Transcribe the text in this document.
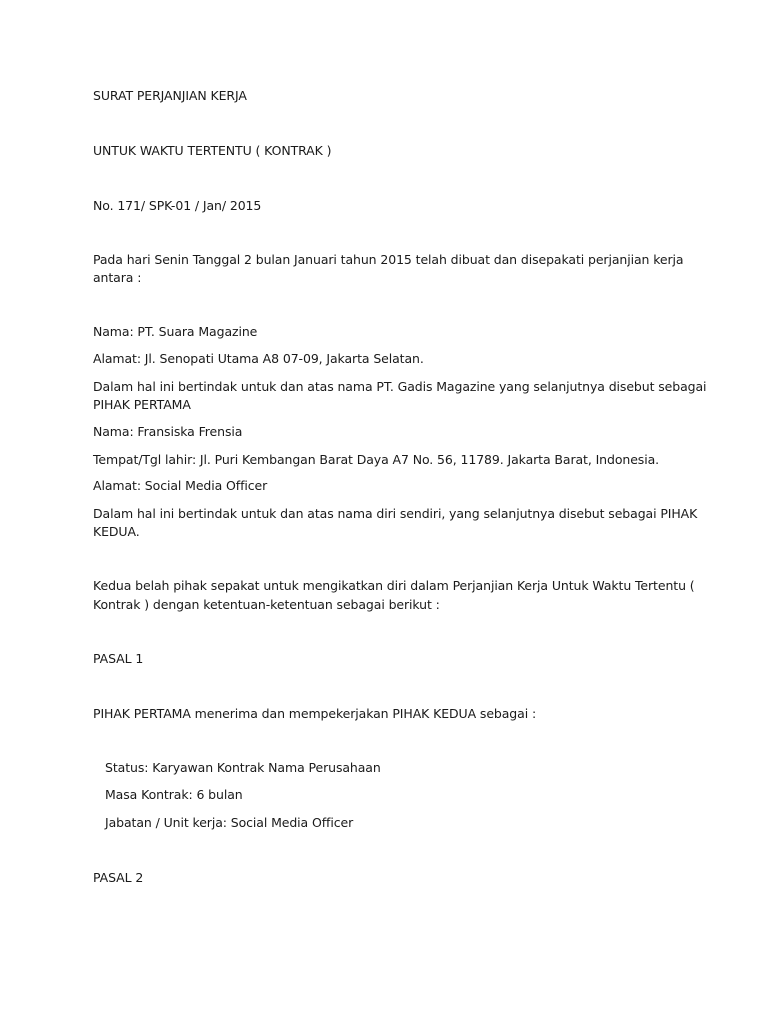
SURAT PERJANJIAN KERJA
UNTUK WAKTU TERTENTU ( KONTRAK )
No. 171/ SPK-01 / Jan/ 2015
Pada hari Senin Tanggal 2 bulan Januari tahun 2015 telah dibuat dan disepakati perjanjian kerja
antara :
Nama: PT. Suara Magazine
Alamat: Jl. Senopati Utama A8 07-09, Jakarta Selatan.
Dalam hal ini bertindak untuk dan atas nama PT. Gadis Magazine yang selanjutnya disebut sebagai
PIHAK PERTAMA
Nama: Fransiska Frensia
Tempat/Tgl lahir: Jl. Puri Kembangan Barat Daya A7 No. 56, 11789. Jakarta Barat, Indonesia.
Alamat: Social Media Officer
Dalam hal ini bertindak untuk dan atas nama diri sendiri, yang selanjutnya disebut sebagai PIHAK
KEDUA.
Kedua belah pihak sepakat untuk mengikatkan diri dalam Perjanjian Kerja Untuk Waktu Tertentu (
Kontrak ) dengan ketentuan-ketentuan sebagai berikut :
PASAL 1
PIHAK PERTAMA menerima dan mempekerjakan PIHAK KEDUA sebagai :
Status: Karyawan Kontrak Nama Perusahaan
Masa Kontrak: 6 bulan
Jabatan / Unit kerja: Social Media Officer
PASAL 2
